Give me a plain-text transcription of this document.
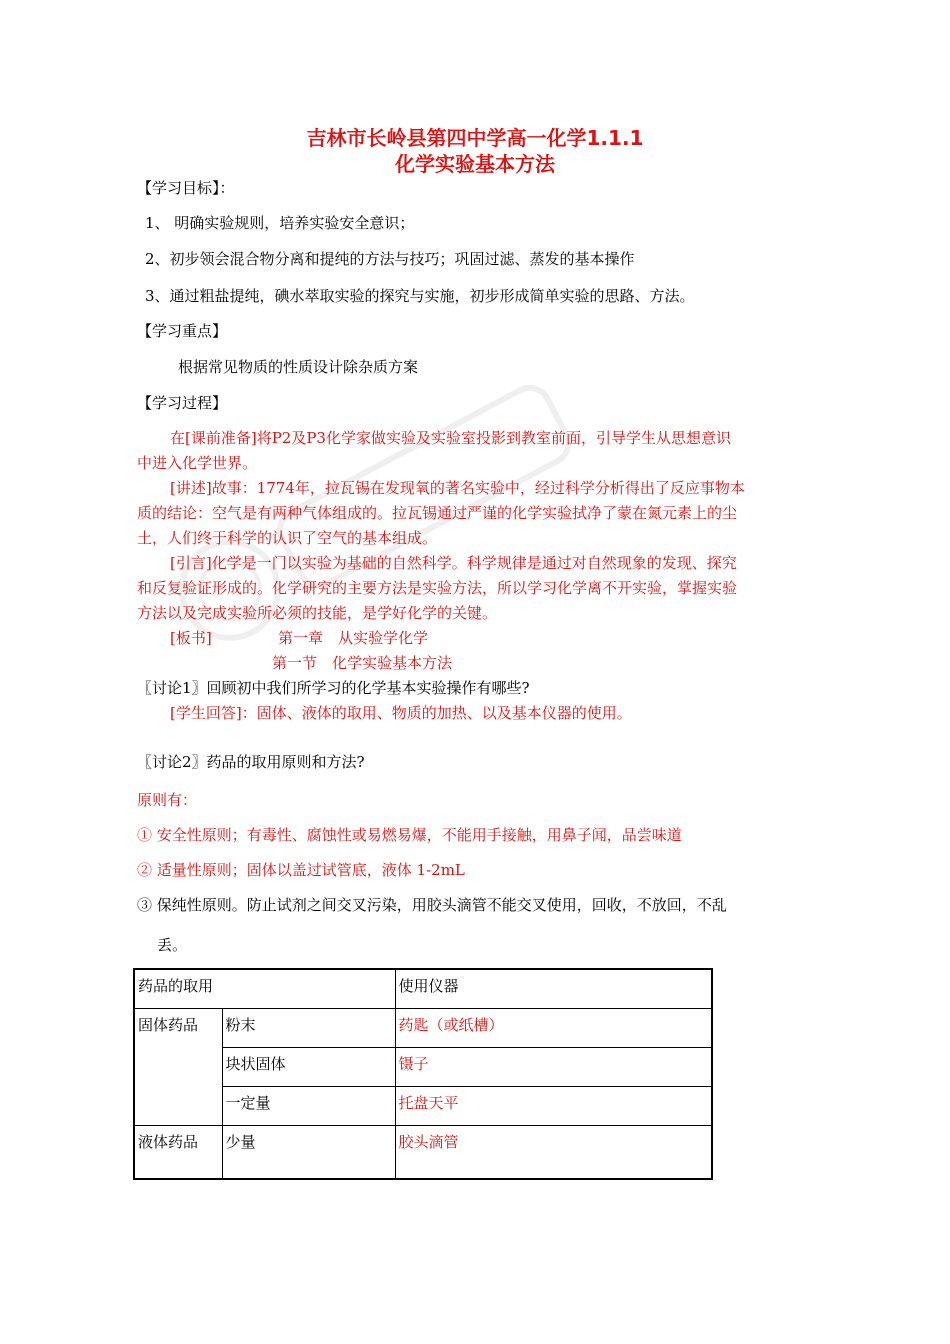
吉林市长岭县第四中学高一化学1.1.1
化学实验基本方法
【学习目标】：
1、 明确实验规则，培养实验安全意识；
2、初步领会混合物分离和提纯的方法与技巧；巩固过滤、蒸发的基本操作
3、通过粗盐提纯，碘水萃取实验的探究与实施，初步形成简单实验的思路、方法。
【学习重点】
根据常见物质的性质设计除杂质方案
【学习过程】
在[课前准备]将P2及P3化学家做实验及实验室投影到教室前面，引导学生从思想意识
中进入化学世界。
[讲述]故事：1774年，拉瓦锡在发现氧的著名实验中，经过科学分析得出了反应事物本
质的结论：空气是有两种气体组成的。拉瓦锡通过严谨的化学实验拭净了蒙在氮元素上的尘
土，人们终于科学的认识了空气的基本组成。
[引言]化学是一门以实验为基础的自然科学。科学规律是通过对自然现象的发现、探究
和反复验证形成的。化学研究的主要方法是实验方法，所以学习化学离不开实验，掌握实验
方法以及完成实验所必须的技能，是学好化学的关键。
[板书]	第一章　从实验学化学
第一节　化学实验基本方法
〖讨论1〗回顾初中我们所学习的化学基本实验操作有哪些?
[学生回答]：固体、液体的取用、物质的加热、以及基本仪器的使用。
〖讨论2〗药品的取用原则和方法?
原则有：
① 安全性原则；有毒性、腐蚀性或易燃易爆，不能用手接触，用鼻子闻，品尝味道
② 适量性原则；固体以盖过试管底，液体 1-2mL
③ 保纯性原则。防止试剂之间交叉污染，用胶头滴管不能交叉使用，回收，不放回，不乱
丢。
药品的取用		使用仪器
固体药品	粉末	药匙（或纸槽）
	块状固体	镊子
	一定量	托盘天平
液体药品	少量	胶头滴管
